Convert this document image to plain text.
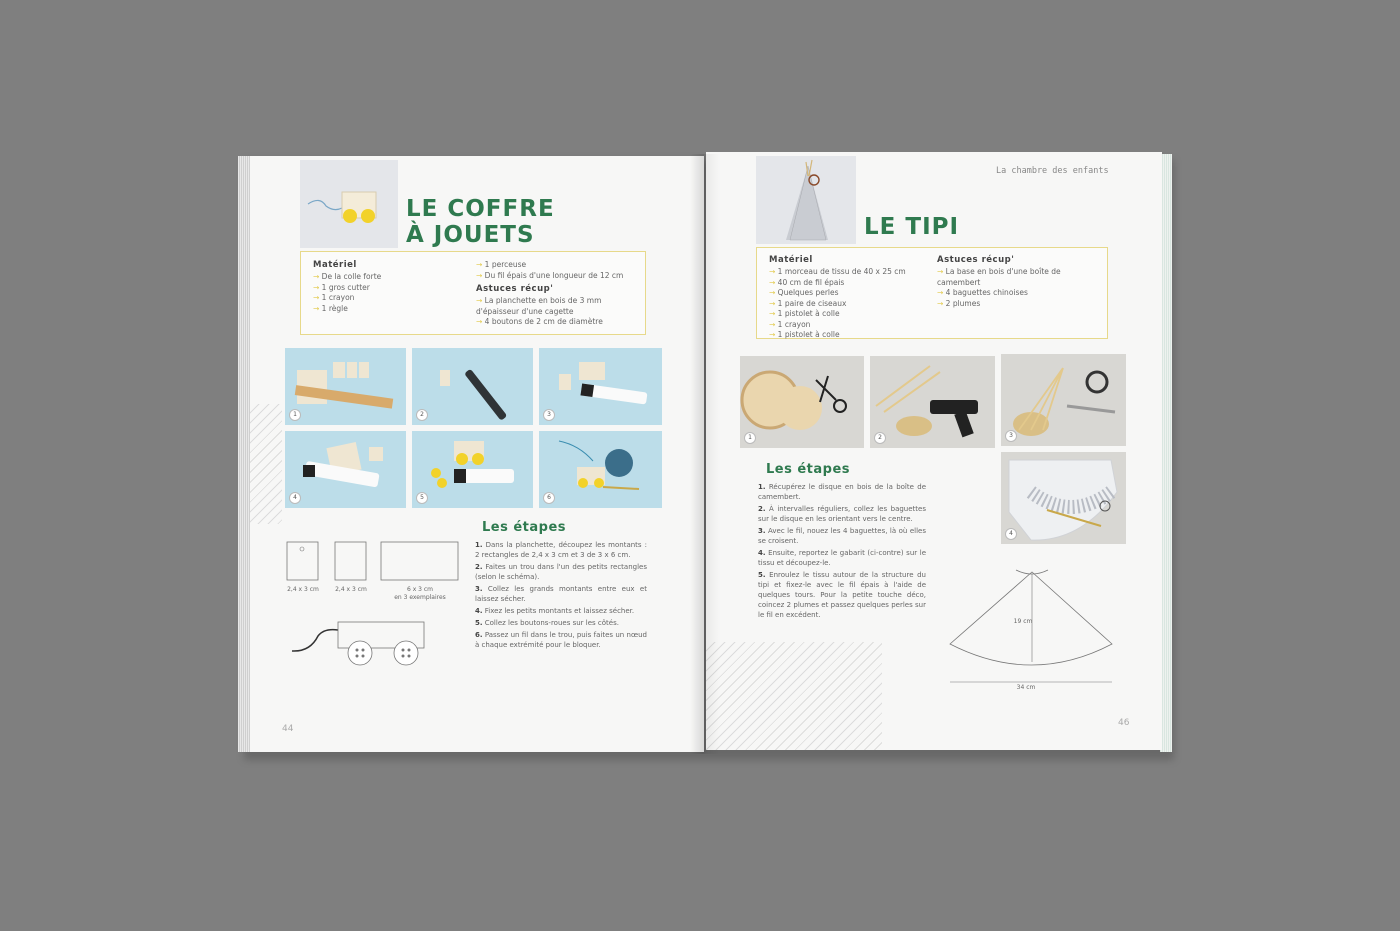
LE COFFRE
À JOUETS
Matériel
→ De la colle forte
→ 1 gros cutter
→ 1 crayon
→ 1 règle
→ 1 perceuse
→ Du fil épais d'une longueur de 12 cm
Astuces récup'
→ La planchette en bois de 3 mm d'épaisseur d'une cagette
→ 4 boutons de 2 cm de diamètre
1	2	3
4	5	6
2,4 x 3 cm	2,4 x 3 cm	6 x 3 cm
en 3 exemplaires
Les étapes

1. Dans la planchette, découpez les montants : 2 rectangles de 2,4 x 3 cm et 3 de 3 x 6 cm.

2. Faites un trou dans l'un des petits rectangles (selon le schéma).

3. Collez les grands montants entre eux et laissez sécher.

4. Fixez les petits montants et laissez sécher.

5. Collez les boutons-roues sur les côtés.

6. Passez un fil dans le trou, puis faites un nœud à chaque extrémité pour le bloquer.

44
La chambre des enfants
LE TIPI
Matériel
→ 1 morceau de tissu de 40 x 25 cm
→ 40 cm de fil épais
→ Quelques perles
→ 1 paire de ciseaux
→ 1 pistolet à colle
→ 1 crayon
→ 1 pistolet à colle
Astuces récup'
→ La base en bois d'une boîte de camembert
→ 4 baguettes chinoises
→ 2 plumes
1	2	3
4
Les étapes

1. Récupérez le disque en bois de la boîte de camembert.

2. À intervalles réguliers, collez les baguettes sur le disque en les orientant vers le centre.

3. Avec le fil, nouez les 4 baguettes, là où elles se croisent.

4. Ensuite, reportez le gabarit (ci-contre) sur le tissu et découpez-le.

5. Enroulez le tissu autour de la structure du tipi et fixez-le avec le fil épais à l'aide de quelques tours. Pour la petite touche déco, coincez 2 plumes et passez quelques perles sur le fil en excédent.

19 cm
34 cm
46
